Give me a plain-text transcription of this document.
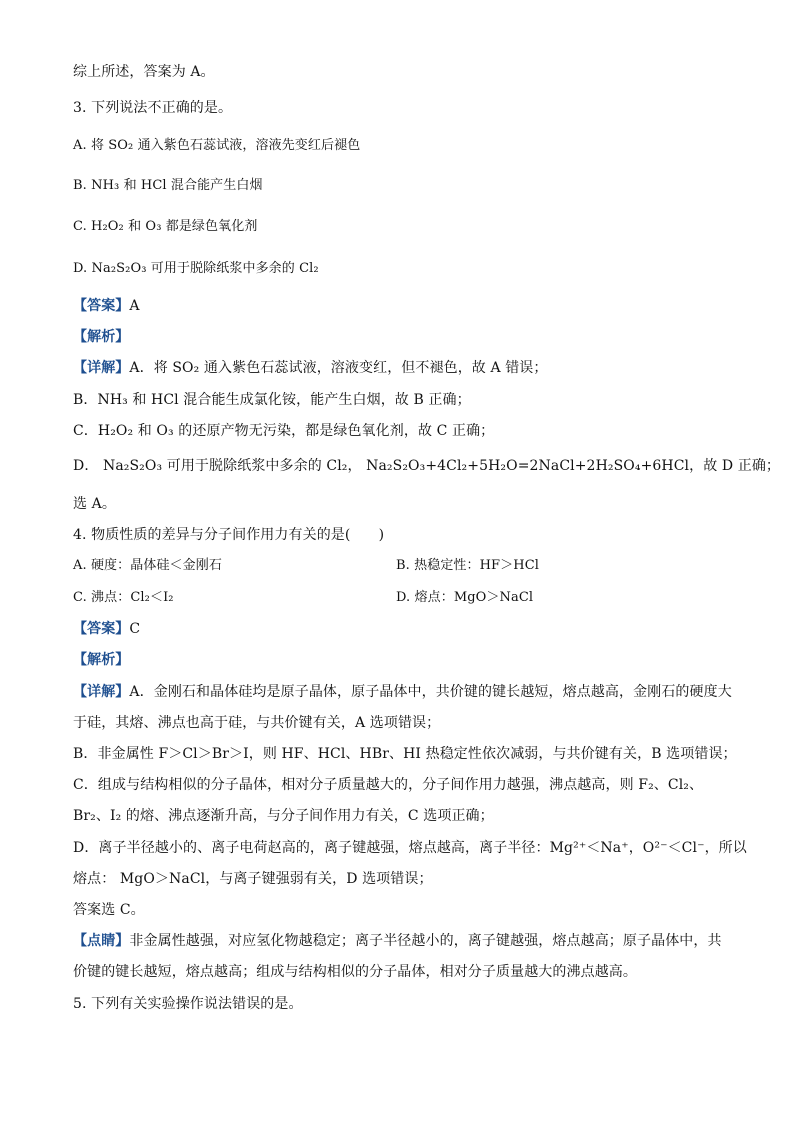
综上所述，答案为 A。
3. 下列说法不正确的是。
A. 将 SO₂ 通入紫色石蕊试液，溶液先变红后褪色
B. NH₃ 和 HCl 混合能产生白烟
C. H₂O₂ 和 O₃ 都是绿色氧化剂
D. Na₂S₂O₃ 可用于脱除纸浆中多余的 Cl₂
【答案】A
【解析】
【详解】A．将 SO₂ 通入紫色石蕊试液，溶液变红，但不褪色，故 A 错误；
B．NH₃ 和 HCl 混合能生成氯化铵，能产生白烟，故 B 正确；
C．H₂O₂ 和 O₃ 的还原产物无污染，都是绿色氧化剂，故 C 正确；
D． Na₂S₂O₃ 可用于脱除纸浆中多余的 Cl₂， Na₂S₂O₃+4Cl₂+5H₂O=2NaCl+2H₂SO₄+6HCl，故 D 正确；
选 A。
4. 物质性质的差异与分子间作用力有关的是(　　)
A. 硬度：晶体硅＜金刚石	B. 热稳定性：HF＞HCl
C. 沸点：Cl₂＜I₂	D. 熔点：MgO＞NaCl
【答案】C
【解析】
【详解】A．金刚石和晶体硅均是原子晶体，原子晶体中，共价键的键长越短，熔点越高，金刚石的硬度大
于硅，其熔、沸点也高于硅，与共价键有关，A 选项错误；
B．非金属性 F＞Cl＞Br＞I，则 HF、HCl、HBr、HI 热稳定性依次减弱，与共价键有关，B 选项错误；
C．组成与结构相似的分子晶体，相对分子质量越大的，分子间作用力越强，沸点越高，则 F₂、Cl₂、
Br₂、I₂ 的熔、沸点逐渐升高，与分子间作用力有关，C 选项正确；
D．离子半径越小的、离子电荷赵高的，离子键越强，熔点越高，离子半径：Mg²⁺＜Na⁺，O²⁻＜Cl⁻，所以
熔点： MgO＞NaCl，与离子键强弱有关，D 选项错误；
答案选 C。
【点睛】非金属性越强，对应氢化物越稳定；离子半径越小的，离子键越强，熔点越高；原子晶体中，共
价键的键长越短，熔点越高；组成与结构相似的分子晶体，相对分子质量越大的沸点越高。
5. 下列有关实验操作说法错误的是。
